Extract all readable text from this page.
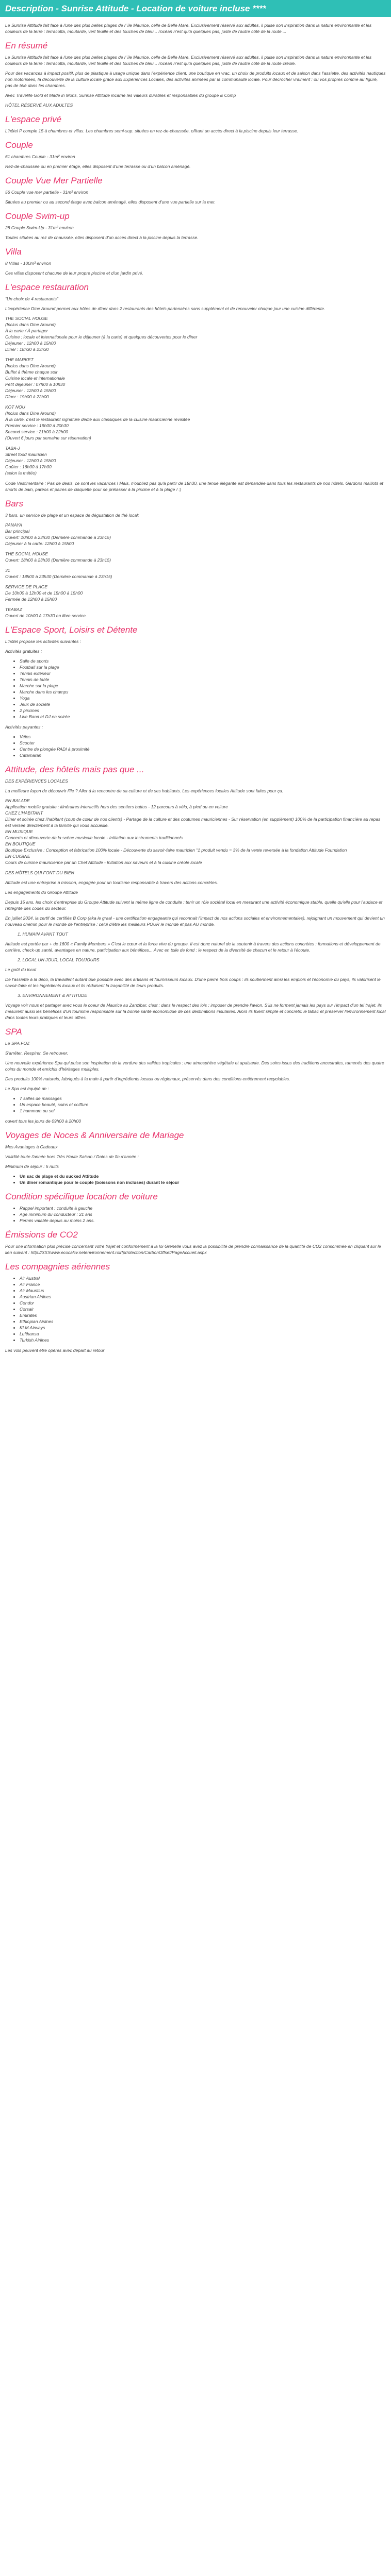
Description - Sunrise Attitude - Location de voiture incluse ****

Le Sunrise Attitude fait face à l'une des plus belles plages de l' île Maurice, celle de Belle Mare. Exclusivement réservé aux adultes, il puise son inspiration dans la nature environnante et les couleurs de la terre : terracotta, moutarde, vert feuille et des touches de bleu... l'océan n'est qu'à quelques pas, juste de l'autre côté de la route ...

En résumé

Le Sunrise Attitude fait face à l'une des plus belles plages de l' île Maurice, celle de Belle Mare. Exclusivement réservé aux adultes, il puise son inspiration dans la nature environnante et les couleurs de la terre : terracotta, moutarde, vert feuille et des touches de bleu... l'océan n'est qu'à quelques pas, juste de l'autre côté de la route créole.

Pour des vacances à impact positif, plus de plastique à usage unique dans l'expérience client, une boutique en vrac, un choix de produits locaux et de saison dans l'assiette, des activités nautiques non motorisées, la découverte de la culture locale grâce aux Expériences Locales, des activités animées par la communauté locale. Pour décrocher vraiment : ou vos propres comme au figuré, pas de télé dans les chambres.

Avec Travelife Gold et Made in Moris, Sunrise Attitude incarne les valeurs durables et responsables du groupe & Comp

HÔTEL RÉSERVÉ AUX ADULTES

L'espace privé

L'hôtel P comple 15 à chambres et villas. Les chambres semi-sup. situées en rez-de-chaussée, offrant un accès direct à la piscine depuis leur terrasse.

Couple

61 chambres Couple - 31m² environ

Rez-de-chaussée ou en premier étage, elles disposent d'une terrasse ou d'un balcon aménagé.

Couple Vue Mer Partielle

56 Couple vue mer partielle - 31m² environ

Situées au premier ou au second étage avec balcon aménagé, elles disposent d'une vue partielle sur la mer.

Couple Swim-up

28 Couple Swim-Up - 31m² environ

Toutes situées au rez de chaussée, elles disposent d'un accès direct à la piscine depuis la terrasse.

Villa

8 Villas - 100m² environ

Ces villas disposent chacune de leur propre piscine et d'un jardin privé.

L'espace restauration

"Un choix de 4 restaurants"

L'expérience Dine Around permet aux hôtes de dîner dans 2 restaurants des hôtels partenaires sans supplément et de renouveler chaque jour une cuisine différente.

THE SOCIAL HOUSE
(Inclus dans Dine Around)
À la carte / À partager
Cuisine : locale et internationale pour le déjeuner (à la carte) et quelques découvertes pour le dîner
Déjeuner : 12h00 à 15h00
Dîner : 18h30 à 23h30
THE MARKET
(Inclus dans Dine Around)
Buffet à thème chaque soir
Cuisine locale et internationale
Petit déjeuner : 07h00 à 10h30
Déjeuner : 12h00 à 15h00
Dîner : 19h00 à 22h00
KOT NOU
(Inclus dans Dine Around)
À la carte, c'est le restaurant signature dédié aux classiques de la cuisine mauricienne revisitée
Premier service : 19h00 à 20h30
Second service : 21h00 à 22h00
(Ouvert 6 jours par semaine sur réservation)
TABA-J
Street food mauricien
Déjeuner : 12h00 à 15h00
Goûter : 16h00 à 17h00
(selon la météo)

Code Vestimentaire : Pas de deals, ce sont les vacances ! Mais, n'oubliez pas qu'à partir de 18h30, une tenue élégante est demandée dans tous les restaurants de nos hôtels. Gardons maillots et shorts de bain, paréos et paires de claquette pour se prélasser à la piscine et à la plage ! :)

Bars

3 bars, un service de plage et un espace de dégustation de thé local:

PANAYA
Bar principal
Ouvert: 10h00 à 23h30 (Dernière commande à 23h15)
Déjeuner à la carte: 12h00 à 15h00
THE SOCIAL HOUSE
Ouvert: 18h00 à 23h30 (Dernière commande à 23h15)
31
Ouvert : 18h00 à 23h30 (Dernière commande à 23h15)
SERVICE DE PLAGE
De 10h00 à 12h00 et de 15h00 à 15h00
Fermée de 12h00 à 15h00
TEABAZ
Ouvert de 10h00 à 17h30 en libre service.
L'Espace Sport, Loisirs et Détente

L'hôtel propose les activités suivantes :

Activités gratuites :

• Salle de sports
• Football sur la plage
• Tennis extérieur
• Tennis de table
• Marche sur la plage
• Marche dans les champs
• Yoga
• Jeux de société
• 2 piscines
• Live Band et DJ en soirée

Activités payantes :

• Vélos
• Scooter
• Centre de plongée PADI à proximité
• Catamaran
Attitude, des hôtels mais pas que ...

DES EXPÉRIENCES LOCALES

La meilleure façon de découvrir l'île ? Aller à la rencontre de sa culture et de ses habitants. Les expériences locales Attitude sont faites pour ça.

EN BALADE
Application mobile gratuite : itinéraires interactifs hors des sentiers battus - 12 parcours à vélo, à pied ou en voiture
CHEZ L'HABITANT
Dîner et soirée chez l'habitant (coup de cœur de nos clients) - Partage de la culture et des coutumes mauriciennes - Sur réservation (en supplément) 100% de la participation financière au repas est versée directement à la famille qui vous accueille.
EN MUSIQUE
Concerts et découverte de la scène musicale locale - Initiation aux instruments traditionnels
EN BOUTIQUE
Boutique Exclusive : Conception et fabrication 100% locale - Découverte du savoir-faire mauricien "1 produit vendu = 3% de la vente reversée à la fondation Attitude Foundation
EN CUISINE
Cours de cuisine mauricienne par un Chef Attitude - Initiation aux saveurs et à la cuisine créole locale

DES HÔTELS QUI FONT DU BIEN

Attitude est une entreprise à mission, engagée pour un tourisme responsable à travers des actions concrètes.

Les engagements du Groupe Attitude

Depuis 15 ans, les choix d'entreprise du Groupe Attitude suivent la même ligne de conduite : tenir un rôle sociétal local en mesurant une activité économique stable, quelle qu'elle pour l'audace et l'intégrité des codes du secteur.

En juillet 2024, la certif de certifiés B Corp (aka le graal - une certification engageante qui reconnait l'impact de nos actions sociales et environnementales), rejoignant un mouvement qui devient un nouveau chemin pour le monde de l'entreprise : celui d'être les meilleurs POUR le monde et pas AU monde.

1. HUMAIN AVANT TOUT

Attitude est portée par + de 1600 « Family Members » C'est le cœur et la force vive du groupe. Il est donc naturel de la soutenir à travers des actions concrètes : formations et développement de carrière, check-up santé, avantages en nature, participation aux bénéfices... Avec en toile de fond : le respect de la diversité de chacun et le retour à l'écoute.

2. LOCAL UN JOUR, LOCAL TOUJOURS

Le goût du local

De l'assiette à la déco, la travaillent autant que possible avec des artisans et fournisseurs locaux. D'une pierre trois coups : ils soutiennent ainsi les emplois et l'économie du pays, ils valorisent le savoir-faire et les ingrédients locaux et ils réduisent la traçabilité de leurs produits.

3. ENVIRONNEMENT & ATTITUDE

Voyage voir nous et partager avec vous le coeur de Maurice au Zanzibar, c'est : dans le respect des lois : imposer de prendre l'avion. S'ils ne forment jamais les pays sur l'impact d'un tel trajet, ils mesurent aussi les bénéfices d'un tourisme responsable sur la bonne santé économique de ces destinations insulaires. Alors ils fixent simple et concrets: le tabac et préserver l'environnement local dans toutes leurs pratiques et leurs offres.

SPA

Le SPA FOZ

S'arrêter. Respirer. Se retrouver.

Une nouvelle expérience Spa qui puise son inspiration de la verdure des vallées tropicales : une atmosphère végétale et apaisante. Des soins issus des traditions ancestrales, ramenés des quatre coins du monde et enrichis d'héritages multiples.

Des produits 100% naturels, fabriqués à la main à partir d'ingrédients locaux ou régionaux, préservés dans des conditions entièrement recyclables.

Le Spa est équipé de :

• 7 salles de massages
• Un espace beauté, soins et coiffure
• 1 hammam ou sel

ouvert tous les jours de 09h00 à 20h00

Voyages de Noces & Anniversaire de Mariage

Mes Avantages à Cadeaux

Validité toute l'année hors Très Haute Saison / Dates de fin d'année :

Minimum de séjour : 5 nuits

• Un sac de plage et du sucked Attitude
• Un dîner romantique pour le couple (boissons non incluses) durant le séjour
Condition spécifique location de voiture
• Rappel important : conduite à gauche
• Age minimum du conducteur : 21 ans
• Permis valable depuis au moins 2 ans.
Émissions de CO2

Pour une information plus précise concernant votre trajet et conformément à la loi Grenelle vous avez la possibilité de prendre connaissance de la quantité de CO2 consommée en cliquant sur le lien suivant : http://XXXwww.ecocalcv.netenvironnement.rolrfpr/otection/CarbonOffset/PageAccueil.aspx

Les compagnies aériennes
• Air Austral
• Air France
• Air Mauritius
• Austrian Airlines
• Condor
• Corsair
• Emirates
• Ethiopian Airlines
• KLM Airways
• Lufthansa
• Turkish Airlines

Les vols peuvent être opérés avec départ au retour
